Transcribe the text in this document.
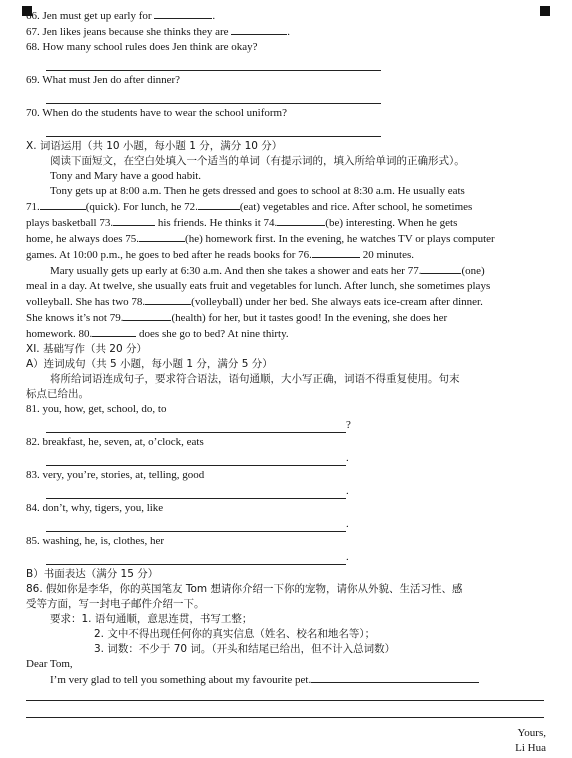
66. Jen must get up early for	.
67. Jen likes jeans because she thinks they are	.
68. How many school rules does Jen think are okay?
69. What must Jen do after dinner?
70. When do the students have to wear the school uniform?
X. 词语运用（共 10 小题，每小题 1 分，满分 10 分）

阅读下面短文，在空白处填入一个适当的单词（有提示词的，填入所给单词的正确形式）。

Tony and Mary have a good habit.

Tony gets up at 8:00 a.m. Then he gets dressed and goes to school at 8:30 a.m. He usually eats

71.	(quick). For lunch, he 72.	(eat) vegetables and rice. After school, he sometimes

plays basketball 73.	his friends. He thinks it 74.	(be) interesting. When he gets

home, he always does 75.	(he) homework first. In the evening, he watches TV or plays computer

games. At 10:00 p.m., he goes to bed after he reads books for 76.	20 minutes.

Mary usually gets up early at 6:30 a.m. And then she takes a shower and eats her 77.	(one)

meal in a day. At twelve, she usually eats fruit and vegetables for lunch. After lunch, she sometimes plays

volleyball. She has two 78.	(volleyball) under her bed. She always eats ice-cream after dinner.

She knows it’s not 79.	(health) for her, but it tastes good! In the evening, she does her

homework. 80.	does she go to bed? At nine thirty.

XI. 基础写作（共 20 分）
A）连词成句（共 5 小题，每小题 1 分，满分 5 分）

将所给词语连成句子，要求符合语法，语句通顺，大小写正确，词语不得重复使用。句末

标点已给出。

81. you, how, get, school, do, to
?
82. breakfast, he, seven, at, o’clock, eats
.
83. very, you’re, stories, at, telling, good
.
84. don’t, why, tigers, you, like
.
85. washing, he, is, clothes, her
.
B）书面表达（满分 15 分）

86. 假如你是李华，你的英国笔友 Tom 想请你介绍一下你的宠物，请你从外貌、生活习性、感

受等方面，写一封电子邮件介绍一下。

要求：1. 语句通顺，意思连贯，书写工整；
2. 文中不得出现任何你的真实信息（姓名、校名和地名等）；
3. 词数：不少于 70 词。（开头和结尾已给出，但不计入总词数）
Dear Tom,
I’m very glad to tell you something about my favourite pet.
Yours,
Li Hua
